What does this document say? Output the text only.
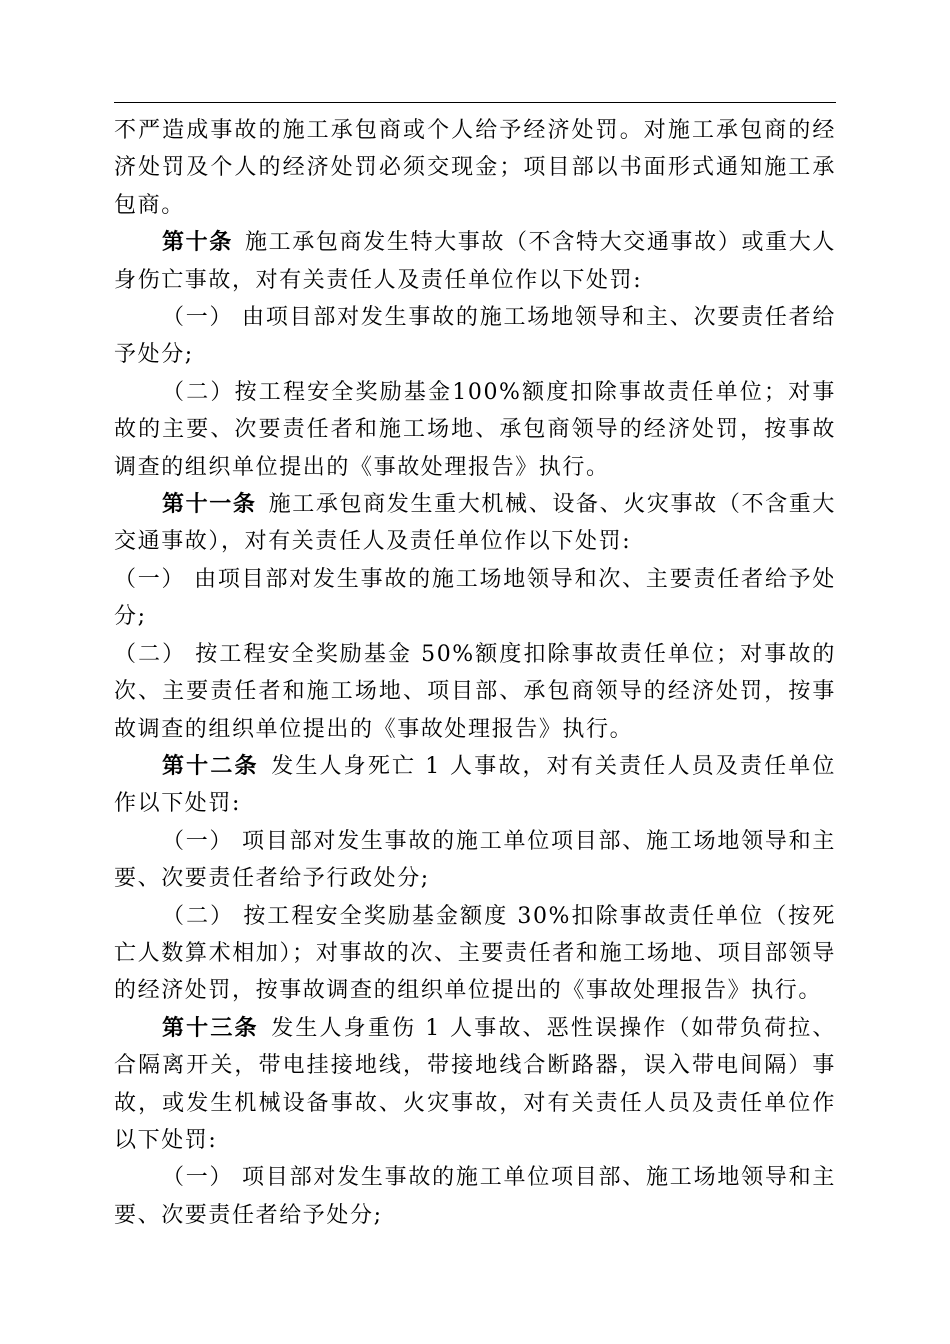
不严造成事故的施工承包商或个人给予经济处罚。对施工承包商的经济处罚及个人的经济处罚必须交现金；项目部以书面形式通知施工承包商。

第十条 施工承包商发生特大事故（不含特大交通事故）或重大人身伤亡事故，对有关责任人及责任单位作以下处罚:

（一） 由项目部对发生事故的施工场地领导和主、次要责任者给予处分;

（二）按工程安全奖励基金100%额度扣除事故责任单位；对事故的主要、次要责任者和施工场地、承包商领导的经济处罚，按事故调查的组织单位提出的《事故处理报告》执行。

第十一条 施工承包商发生重大机械、设备、火灾事故（不含重大交通事故），对有关责任人及责任单位作以下处罚:

（一） 由项目部对发生事故的施工场地领导和次、主要责任者给予处分;

（二） 按工程安全奖励基金 50%额度扣除事故责任单位；对事故的次、主要责任者和施工场地、项目部、承包商领导的经济处罚，按事故调查的组织单位提出的《事故处理报告》执行。

第十二条 发生人身死亡 1 人事故，对有关责任人员及责任单位作以下处罚:

（一） 项目部对发生事故的施工单位项目部、施工场地领导和主要、次要责任者给予行政处分;

（二） 按工程安全奖励基金额度 30%扣除事故责任单位（按死亡人数算术相加）；对事故的次、主要责任者和施工场地、项目部领导的经济处罚，按事故调查的组织单位提出的《事故处理报告》执行。

第十三条 发生人身重伤 1 人事故、恶性误操作（如带负荷拉、合隔离开关，带电挂接地线，带接地线合断路器，误入带电间隔）事故，或发生机械设备事故、火灾事故，对有关责任人员及责任单位作以下处罚:

（一） 项目部对发生事故的施工单位项目部、施工场地领导和主要、次要责任者给予处分;
